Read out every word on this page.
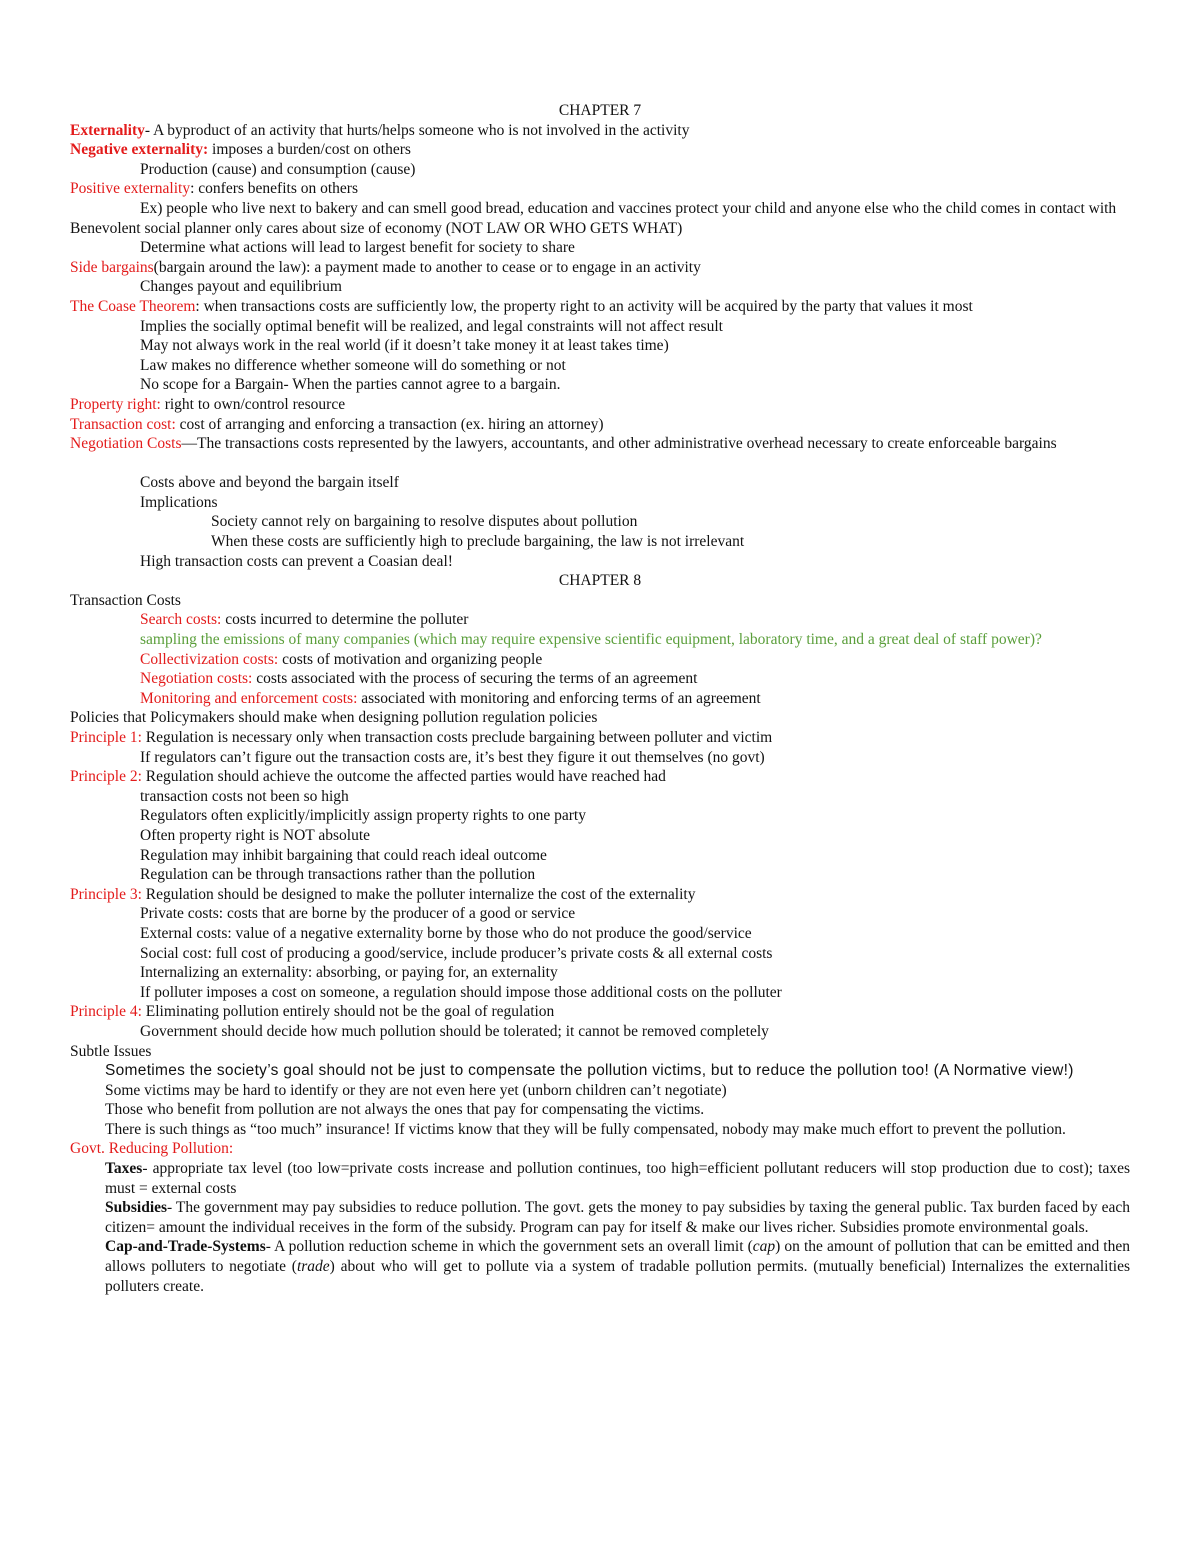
CHAPTER 7
Externality- A byproduct of an activity that hurts/helps someone who is not involved in the activity
Negative externality: imposes a burden/cost on others
Production (cause) and consumption (cause)
Positive externality: confers benefits on others
Ex) people who live next to bakery and can smell good bread, education and vaccines protect your child and anyone else who the child comes in contact with
Benevolent social planner only cares about size of economy (NOT LAW OR WHO GETS WHAT)
Determine what actions will lead to largest benefit for society to share
Side bargains(bargain around the law): a payment made to another to cease or to engage in an activity
Changes payout and equilibrium
The Coase Theorem: when transactions costs are sufficiently low, the property right to an activity will be acquired by the party that values it most
Implies the socially optimal benefit will be realized, and legal constraints will not affect result
May not always work in the real world (if it doesn’t take money it at least takes time)
Law makes no difference whether someone will do something or not
No scope for a Bargain- When the parties cannot agree to a bargain.
Property right: right to own/control resource
Transaction cost: cost of arranging and enforcing a transaction (ex. hiring an attorney)
Negotiation Costs—The transactions costs represented by the lawyers, accountants, and other administrative overhead necessary to create enforceable bargains
Costs above and beyond the bargain itself
Implications
Society cannot rely on bargaining to resolve disputes about pollution
When these costs are sufficiently high to preclude bargaining, the law is not irrelevant
High transaction costs can prevent a Coasian deal!
CHAPTER 8
Transaction Costs
Search costs: costs incurred to determine the polluter
sampling the emissions of many companies (which may require expensive scientific equipment, laboratory time, and a great deal of staff power)?
Collectivization costs: costs of motivation and organizing people
Negotiation costs: costs associated with the process of securing the terms of an agreement
Monitoring and enforcement costs: associated with monitoring and enforcing terms of an agreement
Policies that Policymakers should make when designing pollution regulation policies
Principle 1: Regulation is necessary only when transaction costs preclude bargaining between polluter and victim
If regulators can’t figure out the transaction costs are, it’s best they figure it out themselves (no govt)
Principle 2: Regulation should achieve the outcome the affected parties would have reached had
transaction costs not been so high
Regulators often explicitly/implicitly assign property rights to one party
Often property right is NOT absolute
Regulation may inhibit bargaining that could reach ideal outcome
Regulation can be through transactions rather than the pollution
Principle 3: Regulation should be designed to make the polluter internalize the cost of the externality
Private costs: costs that are borne by the producer of a good or service
External costs: value of a negative externality borne by those who do not produce the good/service
Social cost: full cost of producing a good/service, include producer’s private costs & all external costs
Internalizing an externality: absorbing, or paying for, an externality
If polluter imposes a cost on someone, a regulation should impose those additional costs on the polluter
Principle 4: Eliminating pollution entirely should not be the goal of regulation
Government should decide how much pollution should be tolerated; it cannot be removed completely
Subtle Issues
Sometimes the society’s goal should not be just to compensate the pollution victims, but to reduce the pollution too! (A Normative view!)
Some victims may be hard to identify or they are not even here yet (unborn children can’t negotiate)
Those who benefit from pollution are not always the ones that pay for compensating the victims.
There is such things as “too much” insurance! If victims know that they will be fully compensated, nobody may make much effort to prevent the pollution.
Govt. Reducing Pollution:
Taxes- appropriate tax level (too low=private costs increase and pollution continues, too high=efficient pollutant reducers will stop production due to cost); taxes must = external costs
Subsidies- The government may pay subsidies to reduce pollution. The govt. gets the money to pay subsidies by taxing the general public. Tax burden faced by each citizen= amount the individual receives in the form of the subsidy. Program can pay for itself & make our lives richer. Subsidies promote environmental goals.
Cap-and-Trade-Systems- A pollution reduction scheme in which the government sets an overall limit (cap) on the amount of pollution that can be emitted and then allows polluters to negotiate (trade) about who will get to pollute via a system of tradable pollution permits. (mutually beneficial) Internalizes the externalities polluters create.
